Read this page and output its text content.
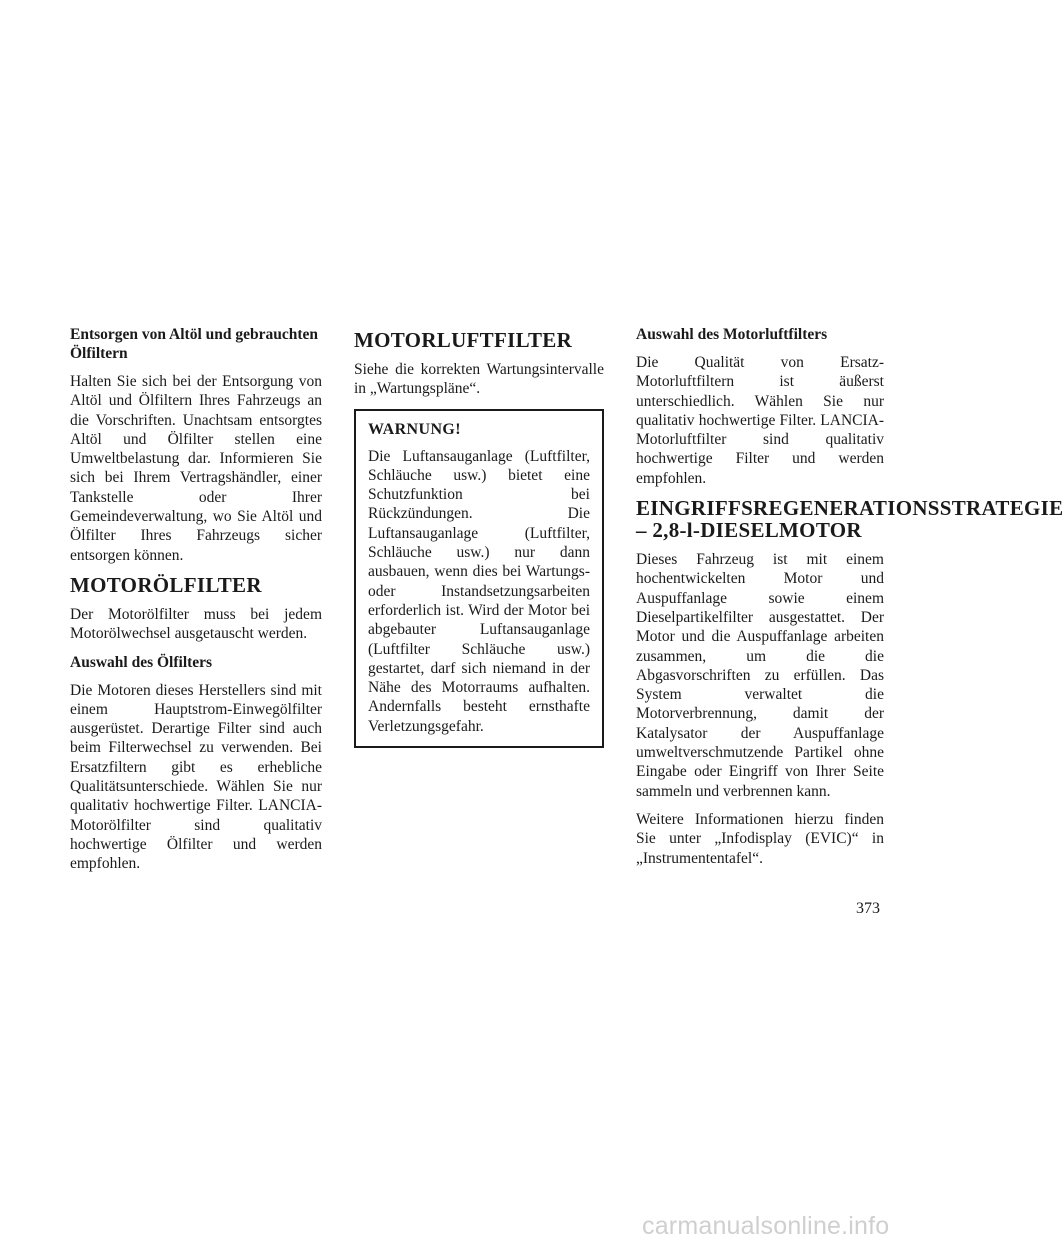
Entsorgen von Altöl und gebrauchten Ölfiltern
Halten Sie sich bei der Entsorgung von Altöl und Ölfiltern Ihres Fahrzeugs an die Vorschriften. Unachtsam entsorgtes Altöl und Ölfilter stellen eine Umweltbelastung dar. Informieren Sie sich bei Ihrem Vertragshändler, einer Tankstelle oder Ihrer Gemeindeverwaltung, wo Sie Altöl und Ölfilter Ihres Fahrzeugs sicher entsorgen können.
MOTORÖLFILTER
Der Motorölfilter muss bei jedem Motorölwechsel ausgetauscht werden.
Auswahl des Ölfilters
Die Motoren dieses Herstellers sind mit einem Hauptstrom-Einwegölfilter ausgerüstet. Derartige Filter sind auch beim Filterwechsel zu verwenden. Bei Ersatzfiltern gibt es erhebliche Qualitätsunterschiede. Wählen Sie nur qualitativ hochwertige Filter. LANCIA-Motorölfilter sind qualitativ hochwertige Ölfilter und werden empfohlen.
MOTORLUFTFILTER
Siehe die korrekten Wartungsintervalle in „Wartungspläne“.
WARNUNG!
Die Luftansauganlage (Luftfilter, Schläuche usw.) bietet eine Schutzfunktion bei Rückzündungen. Die Luftansauganlage (Luftfilter, Schläuche usw.) nur dann ausbauen, wenn dies bei Wartungs- oder Instandsetzungsarbeiten erforderlich ist. Wird der Motor bei abgebauter Luftansauganlage (Luftfilter Schläuche usw.) gestartet, darf sich niemand in der Nähe des Motorraums aufhalten. Andernfalls besteht ernsthafte Verletzungsgefahr.
Auswahl des Motorluftfilters
Die Qualität von Ersatz-Motorluftfiltern ist äußerst unterschiedlich. Wählen Sie nur qualitativ hochwertige Filter. LANCIA-Motorluftfilter sind qualitativ hochwertige Filter und werden empfohlen.
EINGRIFFSREGENERATIONSSTRATEGIE – 2,8-l-DIESELMOTOR
Dieses Fahrzeug ist mit einem hochentwickelten Motor und Auspuffanlage sowie einem Dieselpartikelfilter ausgestattet. Der Motor und die Auspuffanlage arbeiten zusammen, um die die Abgasvorschriften zu erfüllen. Das System verwaltet die Motorverbrennung, damit der Katalysator der Auspuffanlage umweltverschmutzende Partikel ohne Eingabe oder Eingriff von Ihrer Seite sammeln und verbrennen kann.
Weitere Informationen hierzu finden Sie unter „Infodisplay (EVIC)“ in „Instrumententafel“.
373
carmanualsonline.info
